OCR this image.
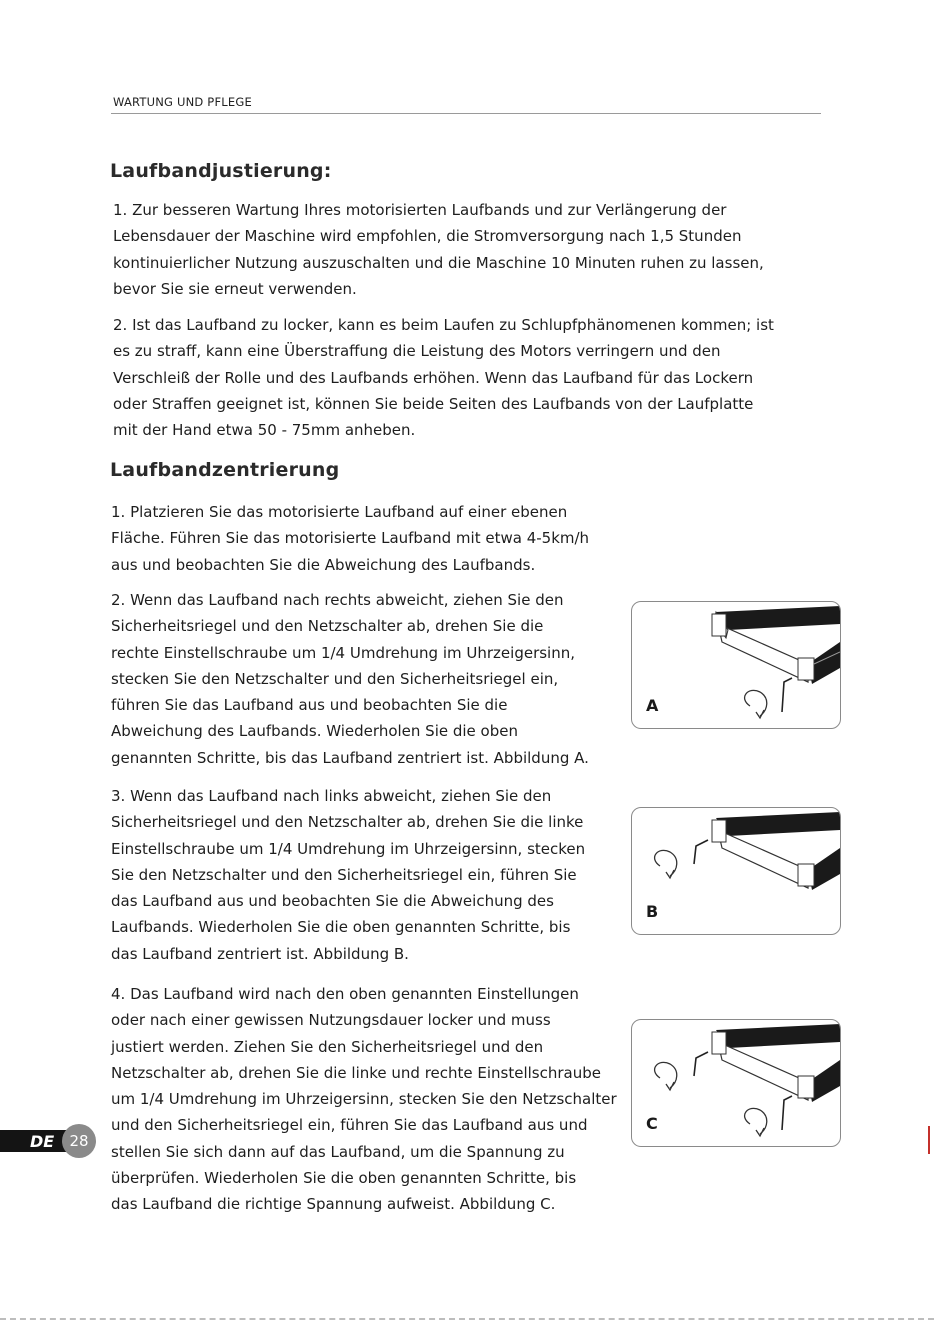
WARTUNG UND PFLEGE
Laufbandjustierung:
1. Zur besseren Wartung Ihres motorisierten Laufbands und zur Verlängerung der
Lebensdauer der Maschine wird empfohlen, die Stromversorgung nach 1,5 Stunden
kontinuierlicher Nutzung auszuschalten und die Maschine 10 Minuten ruhen zu lassen,
bevor Sie sie erneut verwenden.
2. Ist das Laufband zu locker, kann es beim Laufen zu Schlupfphänomenen kommen; ist
es zu straff, kann eine Überstraffung die Leistung des Motors verringern und den
Verschleiß der Rolle und des Laufbands erhöhen. Wenn das Laufband für das Lockern
oder Straffen geeignet ist, können Sie beide Seiten des Laufbands von der Laufplatte
mit der Hand etwa 50 - 75mm anheben.
Laufbandzentrierung
1. Platzieren Sie das motorisierte Laufband auf einer ebenen
Fläche. Führen Sie das motorisierte Laufband mit etwa 4-5km/h
aus und beobachten Sie die Abweichung des Laufbands.
2. Wenn das Laufband nach rechts abweicht, ziehen Sie den
Sicherheitsriegel und den Netzschalter ab, drehen Sie die
rechte Einstellschraube um 1/4 Umdrehung im Uhrzeigersinn,
stecken Sie den Netzschalter und den Sicherheitsriegel ein,
führen Sie das Laufband aus und beobachten Sie die
Abweichung des Laufbands. Wiederholen Sie die oben
genannten Schritte, bis das Laufband zentriert ist. Abbildung A.
3. Wenn das Laufband nach links abweicht, ziehen Sie den
Sicherheitsriegel und den Netzschalter ab, drehen Sie die linke
Einstellschraube um 1/4 Umdrehung im Uhrzeigersinn, stecken
Sie den Netzschalter und den Sicherheitsriegel ein, führen Sie
das Laufband aus und beobachten Sie die Abweichung des
Laufbands. Wiederholen Sie die oben genannten Schritte, bis
das Laufband zentriert ist. Abbildung B.
4. Das Laufband wird nach den oben genannten Einstellungen
oder nach einer gewissen Nutzungsdauer locker und muss
justiert werden. Ziehen Sie den Sicherheitsriegel und den
Netzschalter ab, drehen Sie die linke und rechte Einstellschraube
um 1/4 Umdrehung im Uhrzeigersinn, stecken Sie den Netzschalter
und den Sicherheitsriegel ein, führen Sie das Laufband aus und
stellen Sie sich dann auf das Laufband, um die Spannung zu
überprüfen. Wiederholen Sie die oben genannten Schritte, bis
das Laufband die richtige Spannung aufweist. Abbildung C.
A
B
C
DE	28
